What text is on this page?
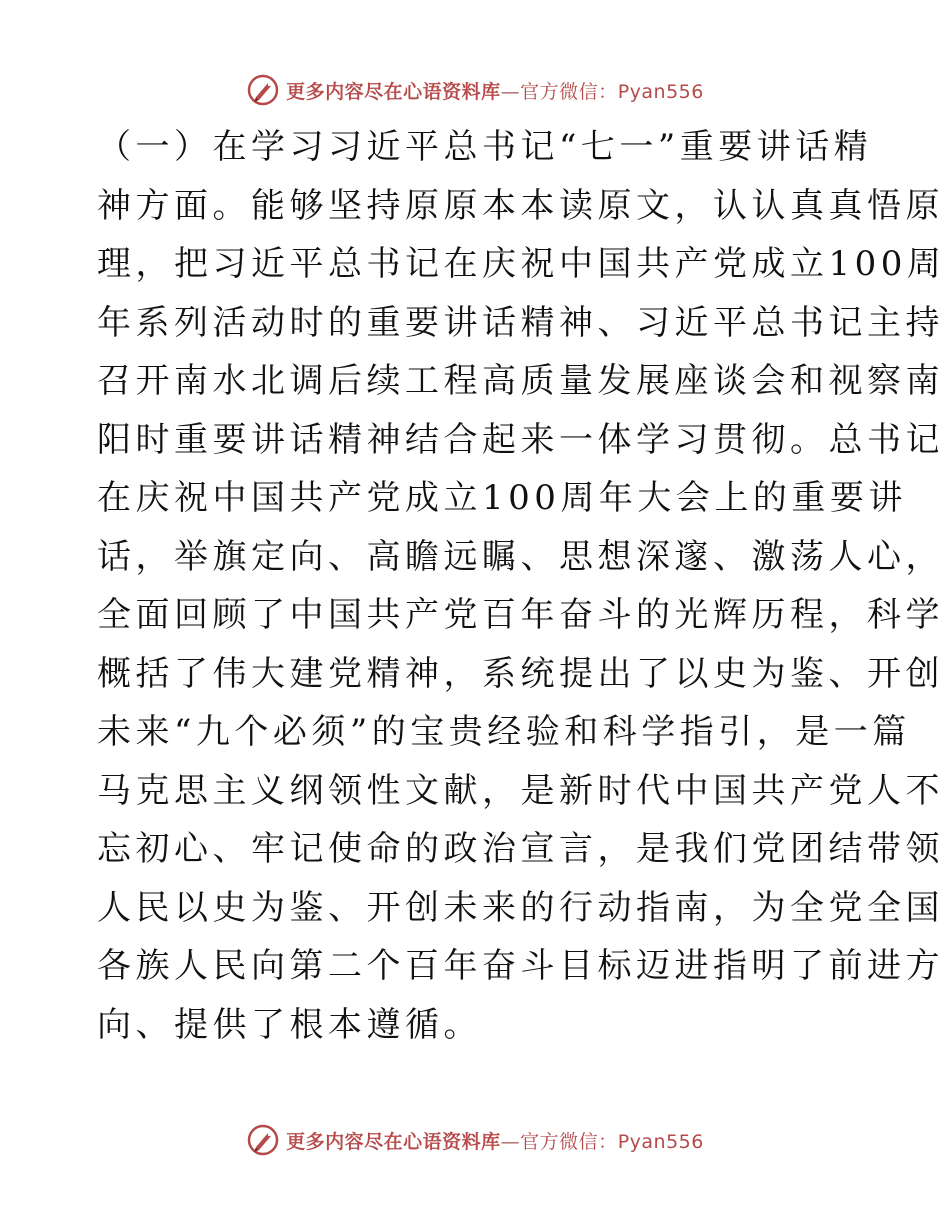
更多内容尽在心语资料库—官方微信：Pyan556
（一）在学习习近平总书记“七一”重要讲话精
神方面。能够坚持原原本本读原文，认认真真悟原
理，把习近平总书记在庆祝中国共产党成立100周
年系列活动时的重要讲话精神、习近平总书记主持
召开南水北调后续工程高质量发展座谈会和视察南
阳时重要讲话精神结合起来一体学习贯彻。总书记
在庆祝中国共产党成立100周年大会上的重要讲
话，举旗定向、高瞻远瞩、思想深邃、激荡人心，
全面回顾了中国共产党百年奋斗的光辉历程，科学
概括了伟大建党精神，系统提出了以史为鉴、开创
未来“九个必须”的宝贵经验和科学指引，是一篇
马克思主义纲领性文献，是新时代中国共产党人不
忘初心、牢记使命的政治宣言，是我们党团结带领
人民以史为鉴、开创未来的行动指南，为全党全国
各族人民向第二个百年奋斗目标迈进指明了前进方
向、提供了根本遵循。
更多内容尽在心语资料库—官方微信：Pyan556
